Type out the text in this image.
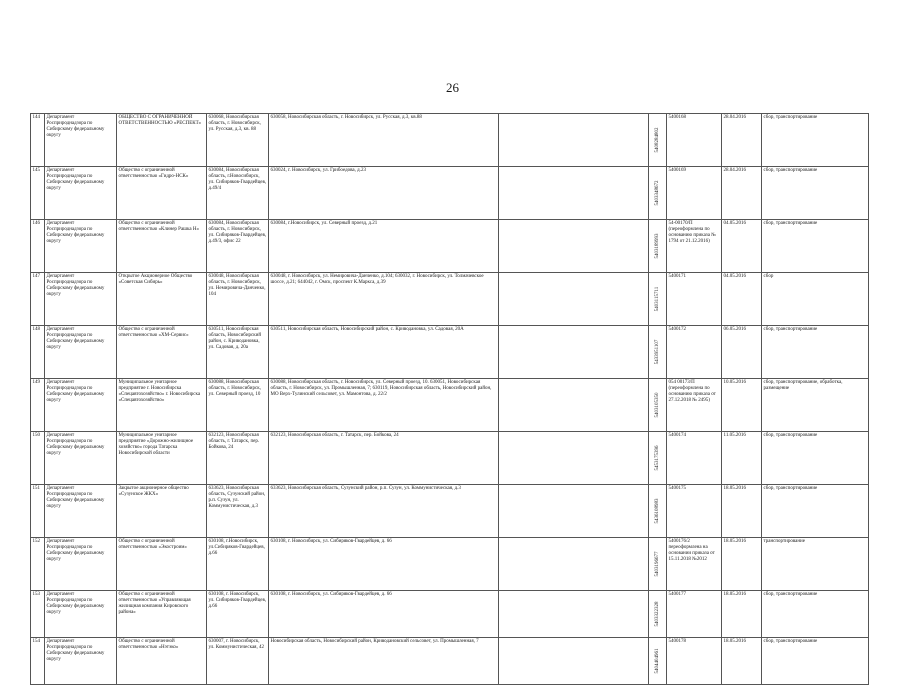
26
144	Департамент Росприроднадзора по Сибирскому федеральному округу	ОБЩЕСТВО С ОГРАНИЧЕННОЙ ОТВЕТСТВЕННОСТЬЮ «РЕСПЕКТ»	630068, Новосибирская область, г. Новосибирск, ул. Русская, д.3, кв. 88	630058, Новосибирская область, г. Новосибирск, ул. Русская, д.3, кв.88		5408284802	5400168	28.04.2016	сбор, транспортирование
145	Департамент Росприроднадзора по Сибирскому федеральному округу	Общество с ограниченной ответственностью «Гидро-НСК»	630084, Новосибирская область, г.Новосибирск, ул. Сибиряков-Гвардейцев, д.49/4	630024, г. Новосибирск, ул. Грибоедова, д.23		5403348672	5400169	28.04.2016	сбор, транспортирование
146	Департамент Росприроднадзора по Сибирскому федеральному округу	Общество с ограниченной ответственностью «Клинер Рашка Н»	630084, Новосибирская область, г. Новосибирск, ул. Сибиряков-Гвардейцев, д.49/3, офис 22	630084, г.Новосибирск, ул. Северный проезд, д.21		5403189993	54-00170/П (переоформлена по основанию приказа № 1794 от 21.12.2016)	04.05.2016	сбор, транспортирование
147	Департамент Росприроднадзора по Сибирскому федеральному округу	Открытое Акционерное Общество «Советская Сибирь»	630048, Новосибирская область, г. Новосибирск, ул. Немировича-Данченко, 104	630048, г. Новосибирск, ул. Немировича-Данченко, д.104; 630032, г. Новосибирск, ул. Толмачевское шоссе, д.21; 644042, г. Омск, проспект К.Маркса, д.39		5403115711	5400171	04.05.2016	сбор
148	Департамент Росприроднадзора по Сибирскому федеральному округу	Общество с ограниченной ответственностью «ХМ-Сервис»	630511, Новосибирская область, Новосибирский район, с. Криводановка, ул. Садовая, д. 20а	630511, Новосибирская область, Новосибирский район, с. Криводановка, ул. Садовая, 20А		5433951107	5400172	06.05.2016	сбор, транспортирование
149	Департамент Росприроднадзора по Сибирскому федеральному округу	Муниципальное унитарное предприятие г. Новосибирска «Спецавтохозяйство» г. Новосибирска «Спецавтохозяйство»	630088, Новосибирская область, г. Новосибирск, ул. Северный проезд, 10	630088, Новосибирская область, г. Новосибирск, ул. Северный проезд, 10. 630051, Новосибирская область, г. Новосибирск, ул. Промышленная, 7; 630119, Новосибирская область, Новосибирский район, МО Верх-Тулинский сельсовет, ул. Мамонтова, д. 22/2		5403105350	054 00173/П (переоформлена по основанию приказа от 27.12.2018 № 2495)	10.05.2016	сбор, транспортирование, обработка, размещение
150	Департамент Росприроднадзора по Сибирскому федеральному округу	Муниципальное унитарное предприятие «Дорожно-жилищное хозяйство» города Татарска Новосибирской области	632123, Новосибирская область, г. Татарск, пер. Бойкова, 24	632123, Новосибирская область, г. Татарск, пер. Бойкова, 24		5453175396	5400174	11.05.2016	сбор, транспортирование
151	Департамент Росприроднадзора по Сибирскому федеральному округу	Закрытое акционерное общество «Сузунское ЖКХ»	633623, Новосибирская область, Сузунский район, р.п. Сузун, ул. Коммунистическая, д.3	633623, Новосибирская область, Сузунский район, р.п. Сузун, ул. Коммунистическая, д.3		5436108983	5400175	18.05.2016	сбор, транспортирование
152	Департамент Росприроднадзора по Сибирскому федеральному округу	Общество с ограниченной ответственностью «Экостроим»	630108, г.Новосибирск, ул.Сибиряков-Гвардейцев, д.66	630108, г. Новосибирск, ул. Сибиряков-Гвардейцев, д. 66		5403196677	5400176/2 переоформлена на основании приказа от 15.11.2018 №2012	18.05.2016	транспортирование
153	Департамент Росприроднадзора по Сибирскому федеральному округу	Общество с ограниченной ответственностью «Управляющая жилищная компания Кировского района»	630108, г. Новосибирск, ул. Сибиряков-Гвардейцев, д.66	630108, г. Новосибирск, ул. Сибиряков-Гвардейцев, д. 66		5403322328	5400177	18.05.2016	сбор, транспортирование
154	Департамент Росприроднадзора по Сибирскому федеральному округу	Общество с ограниченной ответственностью «Нэтэко»	630007, г. Новосибирск, ул. Коммунистическая, 42	Новосибирская область, Новосибирский район, Криводановский сельсовет, ул. Промышленная, 7		5404404961	5400178	18.05.2016	сбор, транспортирование
